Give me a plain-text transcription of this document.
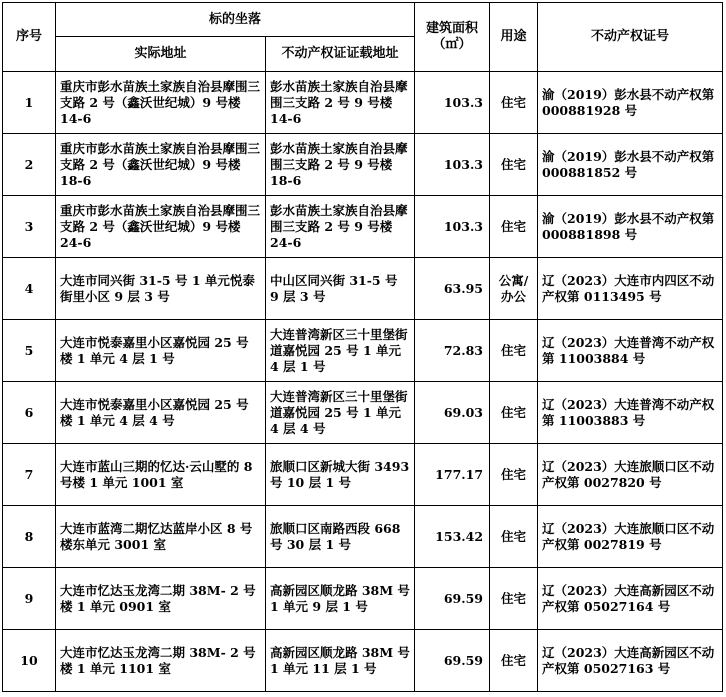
序号	标的坐落		建筑面积（㎡）	用途	不动产权证号
	实际地址	不动产权证证载地址			
1	重庆市彭水苗族土家族自治县摩围三支路 2 号（鑫沃世纪城）9 号楼 14-6	彭水苗族土家族自治县摩围三支路 2 号 9 号楼 14-6	103.3	住宅	渝（2019）彭水县不动产权第 000881928 号
2	重庆市彭水苗族土家族自治县摩围三支路 2 号（鑫沃世纪城）9 号楼 18-6	彭水苗族土家族自治县摩围三支路 2 号 9 号楼 18-6	103.3	住宅	渝（2019）彭水县不动产权第 000881852 号
3	重庆市彭水苗族土家族自治县摩围三支路 2 号（鑫沃世纪城）9 号楼 24-6	彭水苗族土家族自治县摩围三支路 2 号 9 号楼 24-6	103.3	住宅	渝（2019）彭水县不动产权第 000881898 号
4	大连市同兴街 31-5 号 1 单元悦泰街里小区 9 层 3 号	中山区同兴街 31-5 号 9 层 3 号	63.95	公寓/办公	辽（2023）大连市内四区不动产权第 0113495 号
5	大连市悦泰嘉里小区嘉悦园 25 号楼 1 单元 4 层 1 号	大连普湾新区三十里堡街道嘉悦园 25 号 1 单元 4 层 1 号	72.83	住宅	辽（2023）大连普湾不动产权第 11003884 号
6	大连市悦泰嘉里小区嘉悦园 25 号楼 1 单元 4 层 4 号	大连普湾新区三十里堡街道嘉悦园 25 号 1 单元 4 层 4 号	69.03	住宅	辽（2023）大连普湾不动产权第 11003883 号
7	大连市蓝山三期的忆达·云山墅的 8 号楼 1 单元 1001 室	旅顺口区新城大街 3493 号 10 层 1 号	177.17	住宅	辽（2023）大连旅顺口区不动产权第 0027820 号
8	大连市蓝湾二期忆达蓝岸小区 8 号楼东单元 3001 室	旅顺口区南路西段 668 号 30 层 1 号	153.42	住宅	辽（2023）大连旅顺口区不动产权第 0027819 号
9	大连市忆达玉龙湾二期 38M- 2 号楼 1 单元 0901 室	高新园区顺龙路 38M 号 1 单元 9 层 1 号	69.59	住宅	辽（2023）大连高新园区不动产权第 05027164 号
10	大连市忆达玉龙湾二期 38M- 2 号楼 1 单元 1101 室	高新园区顺龙路 38M 号 1 单元 11 层 1 号	69.59	住宅	辽（2023）大连高新园区不动产权第 05027163 号
